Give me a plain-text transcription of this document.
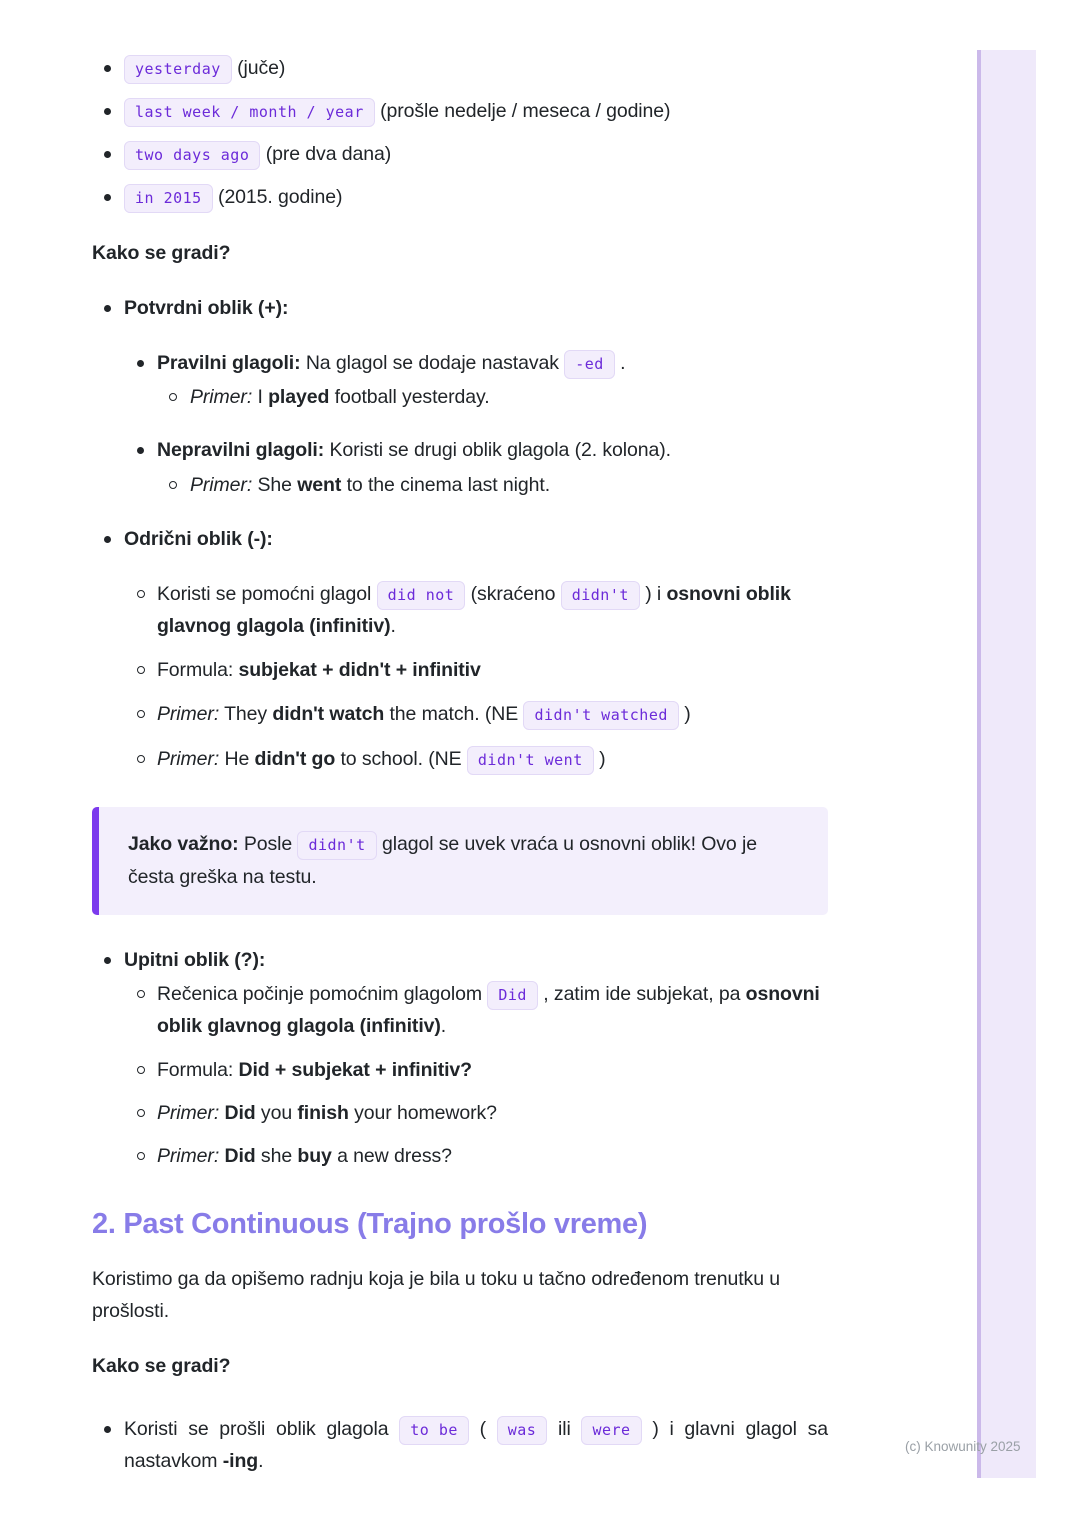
yesterday (juče)
last week / month / year (prošle nedelje / meseca / godine)
two days ago (pre dva dana)
in 2015 (2015. godine)

Kako se gradi?

Potvrdni oblik (+):
Pravilni glagoli: Na glagol se dodaje nastavak -ed .
Primer: I played football yesterday.
Nepravilni glagoli: Koristi se drugi oblik glagola (2. kolona).
Primer: She went to the cinema last night.
Odrični oblik (-):
Koristi se pomoćni glagol did not (skraćeno didn't ) i osnovni oblik glavnog glagola (infinitiv).
Formula: subjekat + didn't + infinitiv
Primer: They didn't watch the match. (NE didn't watched )
Primer: He didn't go to school. (NE didn't went )
Jako važno: Posle didn't glagol se uvek vraća u osnovni oblik! Ovo je česta greška na testu.
Upitni oblik (?):
Rečenica počinje pomoćnim glagolom Did , zatim ide subjekat, pa osnovni oblik glavnog glagola (infinitiv).
Formula: Did + subjekat + infinitiv?
Primer: Did you finish your homework?
Primer: Did she buy a new dress?
2. Past Continuous (Trajno prošlo vreme)

Koristimo ga da opišemo radnju koja je bila u toku u tačno određenom trenutku u prošlosti.

Kako se gradi?

Koristi se prošli oblik glagola to be ( was ili were ) i glavni glagol sa nastavkom -ing.
(c) Knowunity 2025
